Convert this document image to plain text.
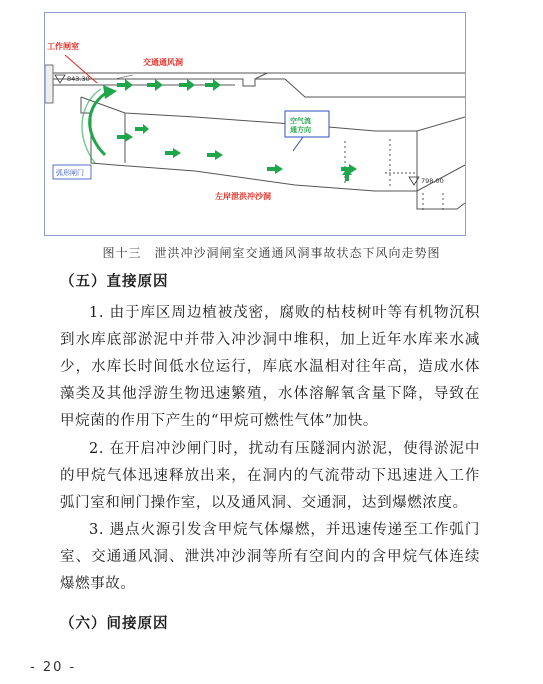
工作闸室
交通通风洞
843.30
空气流通方向
弧形闸门
左岸泄洪冲沙洞
798.00
图十三　泄洪冲沙洞闸室交通通风洞事故状态下风向走势图
（五）直接原因
1. 由于库区周边植被茂密，腐败的枯枝树叶等有机物沉积到水库底部淤泥中并带入冲沙洞中堆积，加上近年水库来水减少，水库长时间低水位运行，库底水温相对往年高，造成水体藻类及其他浮游生物迅速繁殖，水体溶解氧含量下降，导致在甲烷菌的作用下产生的“甲烷可燃性气体”加快。
2. 在开启冲沙闸门时，扰动有压隧洞内淤泥，使得淤泥中的甲烷气体迅速释放出来，在洞内的气流带动下迅速进入工作弧门室和闸门操作室，以及通风洞、交通洞，达到爆燃浓度。
3. 遇点火源引发含甲烷气体爆燃，并迅速传递至工作弧门室、交通通风洞、泄洪冲沙洞等所有空间内的含甲烷气体连续爆燃事故。
（六）间接原因
- 20 -
